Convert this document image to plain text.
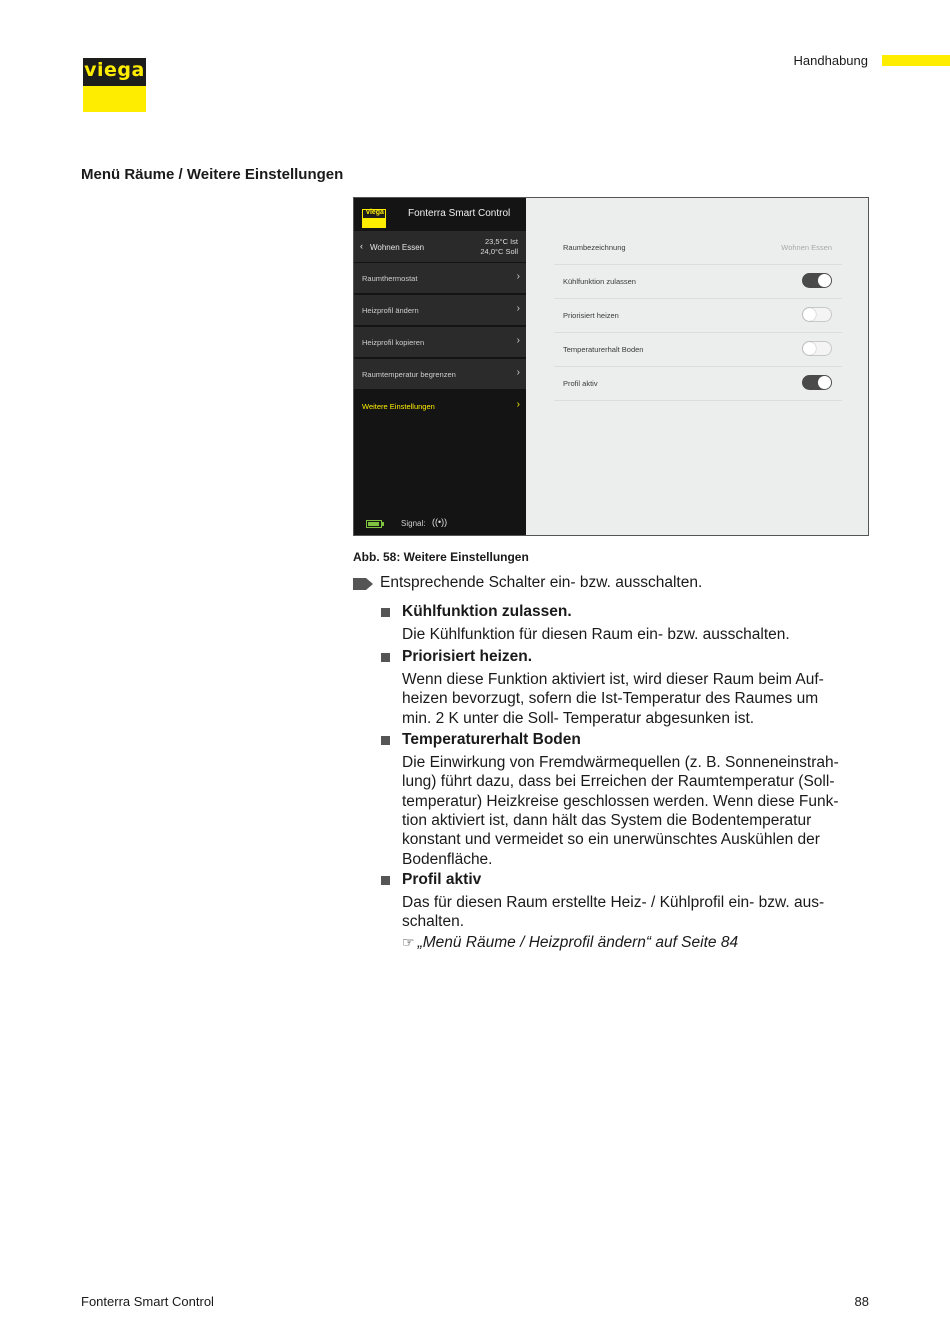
viega	Handhabung
Menü Räume / Weitere Einstellungen
viega	Fonterra Smart Control
‹ Wohnen Essen
23,5°C Ist
24,0°C Soll
Raumthermostat	›
Heizprofil ändern	›
Heizprofil kopieren	›
Raumtemperatur begrenzen	›
Weitere Einstellungen	›
Signal: ((•))
Raumbezeichnung	Wohnen Essen
Kühlfunktion zulassen
Priorisiert heizen
Temperaturerhalt Boden
Profil aktiv
Abb. 58: Weitere Einstellungen
Entsprechende Schalter ein- bzw. ausschalten.
Kühlfunktion zulassen.
Die Kühlfunktion für diesen Raum ein- bzw. ausschalten.
Priorisiert heizen.
Wenn diese Funktion aktiviert ist, wird dieser Raum beim Auf-
heizen bevorzugt, sofern die Ist-Temperatur des Raumes um
min. 2 K unter die Soll- Temperatur abgesunken ist.
Temperaturerhalt Boden
Die Einwirkung von Fremdwärmequellen (z. B. Sonneneinstrah-
lung) führt dazu, dass bei Erreichen der Raumtemperatur (Soll-
temperatur) Heizkreise geschlossen werden. Wenn diese Funk-
tion aktiviert ist, dann hält das System die Bodentemperatur
konstant und vermeidet so ein unerwünschtes Auskühlen der
Bodenfläche.
Profil aktiv
Das für diesen Raum erstellte Heiz- / Kühlprofil ein- bzw. aus-
schalten.
☞ „Menü Räume / Heizprofil ändern“ auf Seite 84
Fonterra Smart Control	88
